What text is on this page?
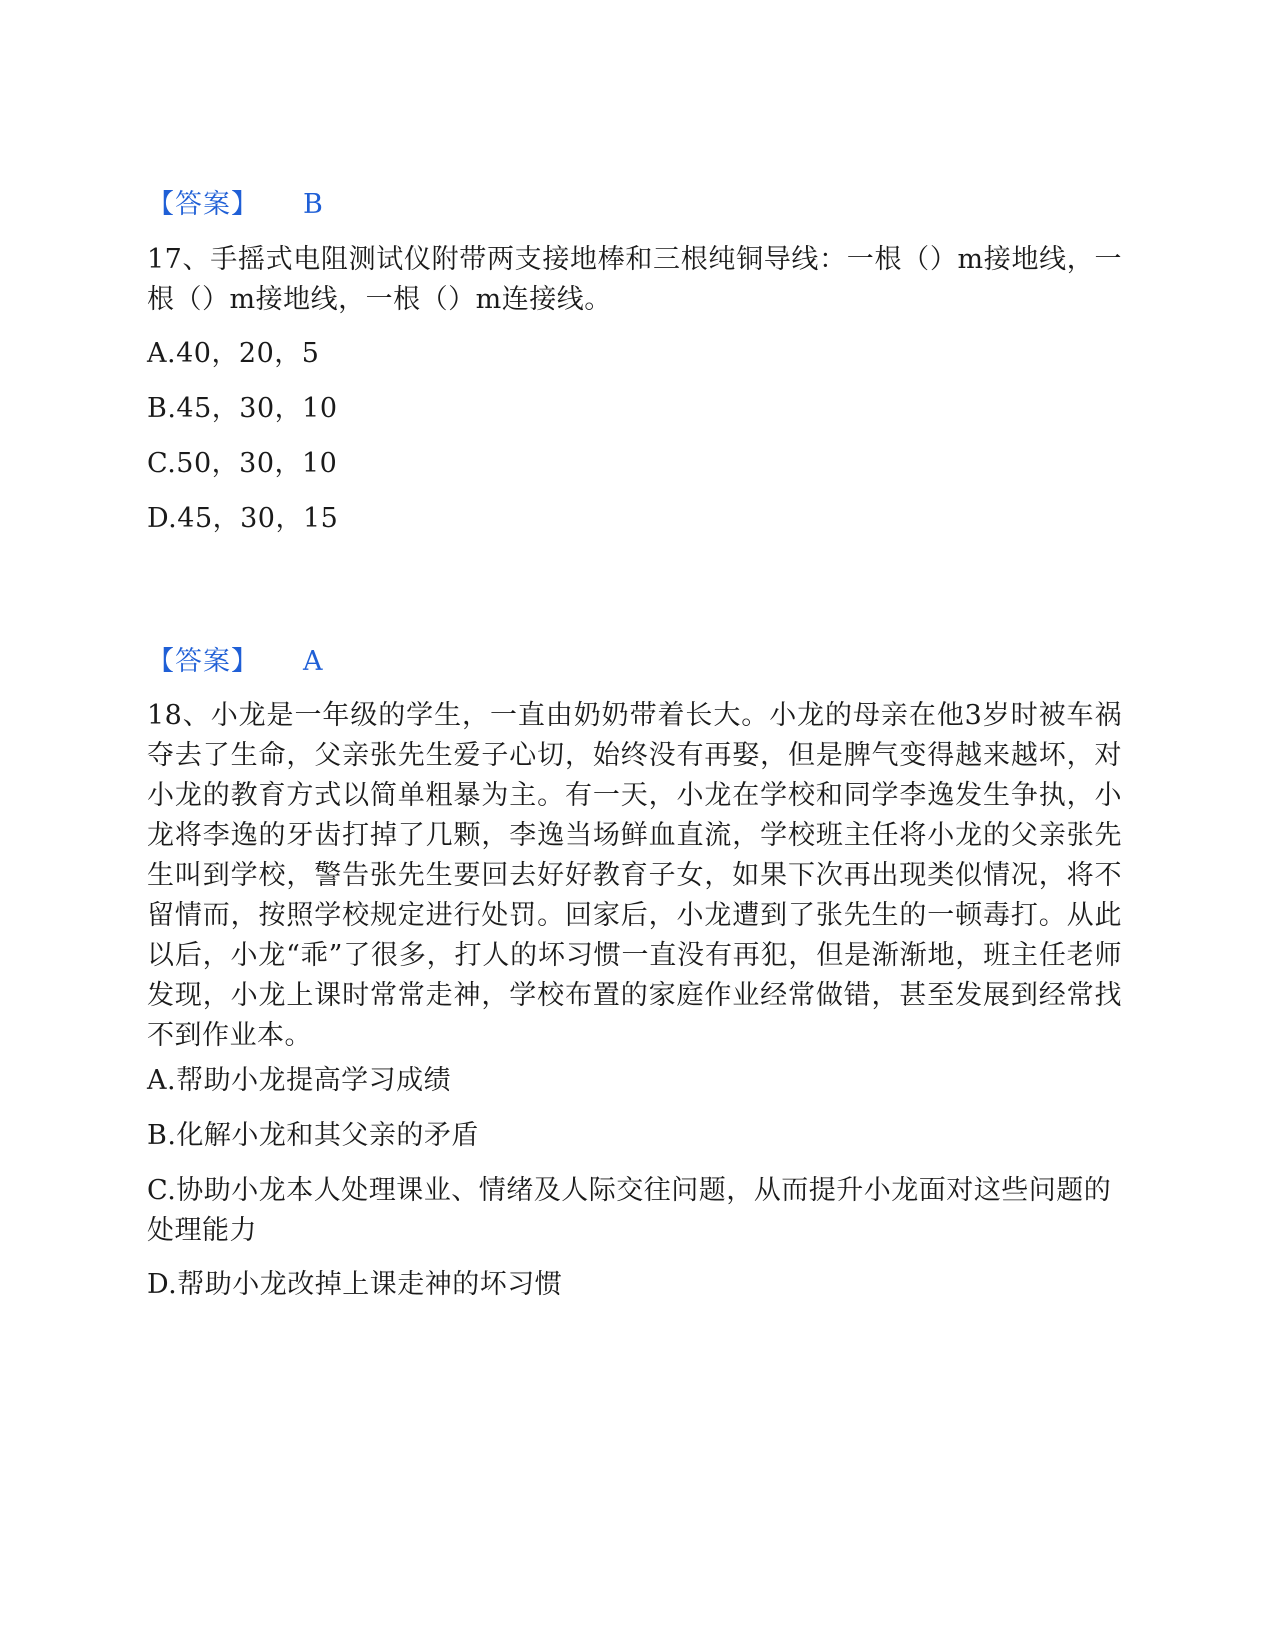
【答案】 B
17、手摇式电阻测试仪附带两支接地棒和三根纯铜导线：一根（）m接地线，一根（）m接地线，一根（）m连接线。
A.40，20，5
B.45，30，10
C.50，30，10
D.45，30，15
【答案】 A
18、小龙是一年级的学生，一直由奶奶带着长大。小龙的母亲在他3岁时被车祸夺去了生命，父亲张先生爱子心切，始终没有再娶，但是脾气变得越来越坏，对小龙的教育方式以简单粗暴为主。有一天，小龙在学校和同学李逸发生争执，小龙将李逸的牙齿打掉了几颗，李逸当场鲜血直流，学校班主任将小龙的父亲张先生叫到学校，警告张先生要回去好好教育子女，如果下次再出现类似情况，将不留情而，按照学校规定进行处罚。回家后，小龙遭到了张先生的一顿毒打。从此以后，小龙“乖”了很多，打人的坏习惯一直没有再犯，但是渐渐地，班主任老师发现，小龙上课时常常走神，学校布置的家庭作业经常做错，甚至发展到经常找不到作业本。
A.帮助小龙提高学习成绩
B.化解小龙和其父亲的矛盾
C.协助小龙本人处理课业、情绪及人际交往问题，从而提升小龙面对这些问题的处理能力
D.帮助小龙改掉上课走神的坏习惯
